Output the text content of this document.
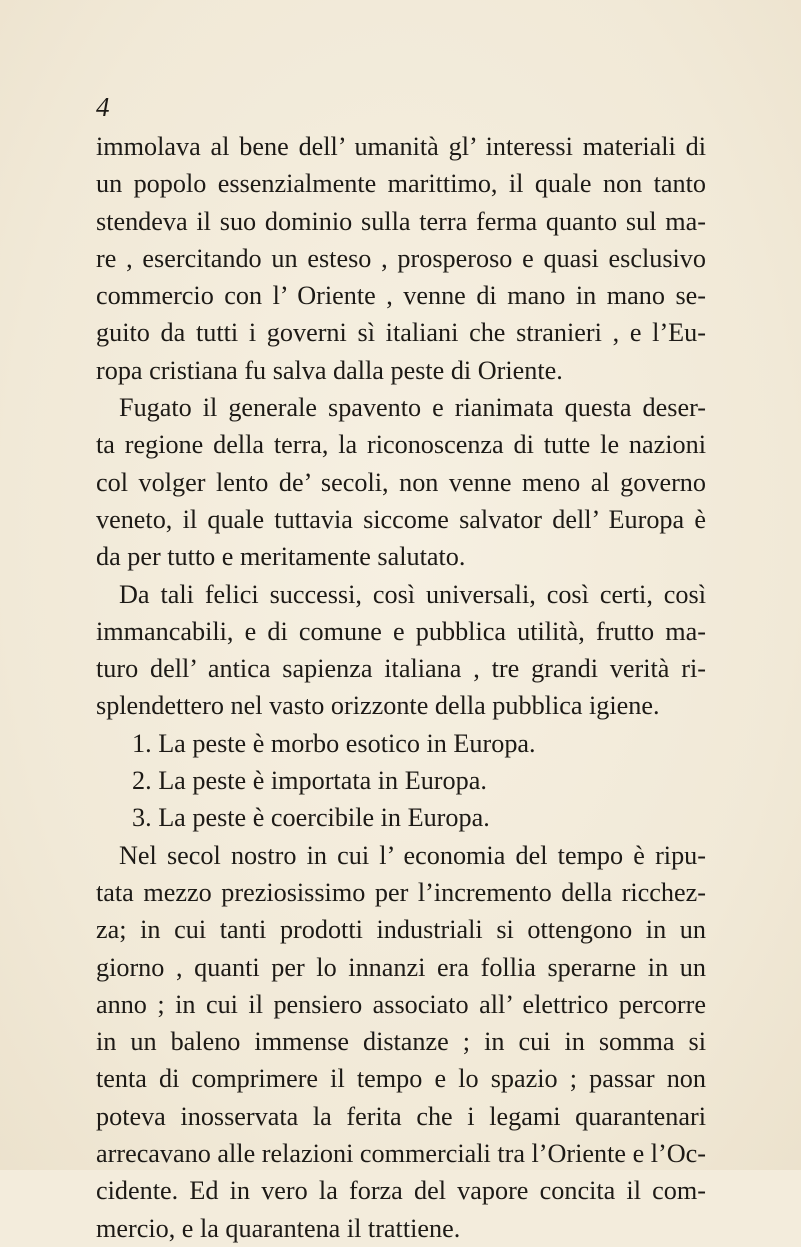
4
immolava al bene dell’ umanità gl’ interessi materiali di
un popolo essenzialmente marittimo, il quale non tanto
stendeva il suo dominio sulla terra ferma quanto sul ma-
re , esercitando un esteso , prosperoso e quasi esclusivo
commercio con l’ Oriente , venne di mano in mano se-
guito da tutti i governi sì italiani che stranieri , e l’Eu-
ropa cristiana fu salva dalla peste di Oriente.
Fugato il generale spavento e rianimata questa deser-
ta regione della terra, la riconoscenza di tutte le nazioni
col volger lento de’ secoli, non venne meno al governo
veneto, il quale tuttavia siccome salvator dell’ Europa è
da per tutto e meritamente salutato.
Da tali felici successi, così universali, così certi, così
immancabili, e di comune e pubblica utilità, frutto ma-
turo dell’ antica sapienza italiana , tre grandi verità ri-
splendettero nel vasto orizzonte della pubblica igiene.
1. La peste è morbo esotico in Europa.
2. La peste è importata in Europa.
3. La peste è coercibile in Europa.
Nel secol nostro in cui l’ economia del tempo è ripu-
tata mezzo preziosissimo per l’incremento della ricchez-
za; in cui tanti prodotti industriali si ottengono in un
giorno , quanti per lo innanzi era follia sperarne in un
anno ; in cui il pensiero associato all’ elettrico percorre
in un baleno immense distanze ; in cui in somma si
tenta di comprimere il tempo e lo spazio ; passar non
poteva inosservata la ferita che i legami quarantenari
arrecavano alle relazioni commerciali tra l’Oriente e l’Oc-
cidente. Ed in vero la forza del vapore concita il com-
mercio, e la quarantena il trattiene.
